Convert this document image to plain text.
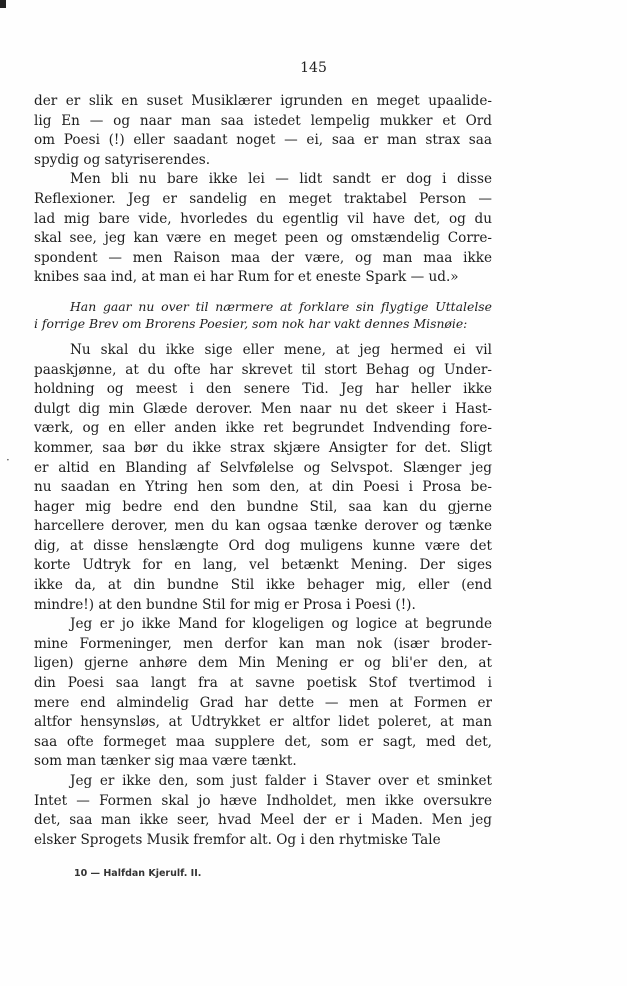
145
der er slik en suset Musiklærer igrunden en meget upaalide-
lig En — og naar man saa istedet lempelig mukker et Ord
om Poesi (!) eller saadant noget — ei, saa er man strax saa
spydig og satyriserendes.
Men bli nu bare ikke lei — lidt sandt er dog i disse
Reflexioner. Jeg er sandelig en meget traktabel Person —
lad mig bare vide, hvorledes du egentlig vil have det, og du
skal see, jeg kan være en meget peen og omstændelig Corre-
spondent — men Raison maa der være, og man maa ikke
knibes saa ind, at man ei har Rum for et eneste Spark — ud.»
Han gaar nu over til nærmere at forklare sin flygtige Uttalelse
i forrige Brev om Brorens Poesier, som nok har vakt dennes Misnøie:
Nu skal du ikke sige eller mene, at jeg hermed ei vil
paaskjønne, at du ofte har skrevet til stort Behag og Under-
holdning og meest i den senere Tid. Jeg har heller ikke
dulgt dig min Glæde derover. Men naar nu det skeer i Hast-
værk, og en eller anden ikke ret begrundet Indvending fore-
kommer, saa bør du ikke strax skjære Ansigter for det. Sligt
er altid en Blanding af Selvfølelse og Selvspot. Slænger jeg
nu saadan en Ytring hen som den, at din Poesi i Prosa be-
hager mig bedre end den bundne Stil, saa kan du gjerne
harcellere derover, men du kan ogsaa tænke derover og tænke
dig, at disse henslængte Ord dog muligens kunne være det
korte Udtryk for en lang, vel betænkt Mening. Der siges
ikke da, at din bundne Stil ikke behager mig, eller (end
mindre!) at den bundne Stil for mig er Prosa i Poesi (!).
Jeg er jo ikke Mand for klogeligen og logice at begrunde
mine Formeninger, men derfor kan man nok (især broder-
ligen) gjerne anhøre dem Min Mening er og bli'er den, at
din Poesi saa langt fra at savne poetisk Stof tvertimod i
mere end almindelig Grad har dette — men at Formen er
altfor hensynsløs, at Udtrykket er altfor lidet poleret, at man
saa ofte formeget maa supplere det, som er sagt, med det,
som man tænker sig maa være tænkt.
Jeg er ikke den, som just falder i Staver over et sminket
Intet — Formen skal jo hæve Indholdet, men ikke oversukre
det, saa man ikke seer, hvad Meel der er i Maden. Men jeg
elsker Sprogets Musik fremfor alt. Og i den rhytmiske Tale
·
10 — Halfdan Kjerulf. II.
